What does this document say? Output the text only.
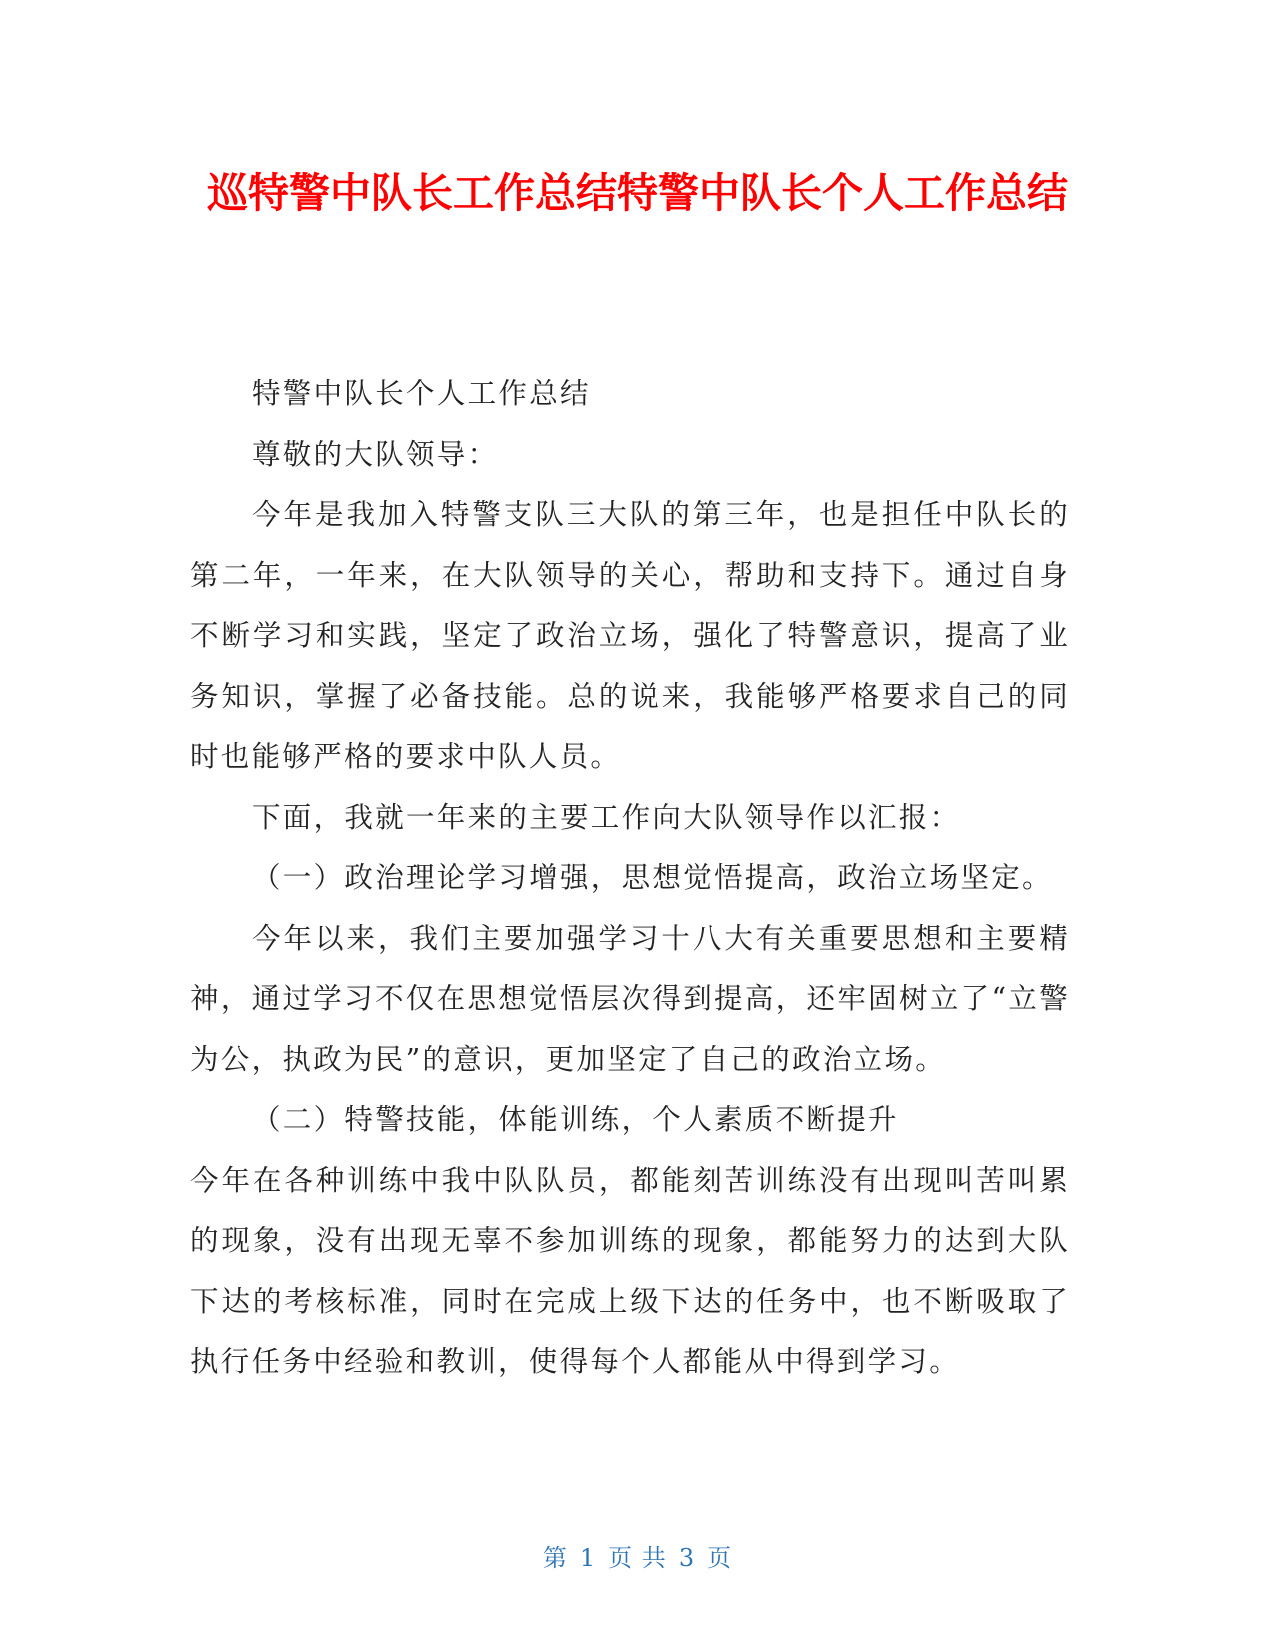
巡特警中队长工作总结特警中队长个人工作总结

特警中队长个人工作总结

尊敬的大队领导：

今年是我加入特警支队三大队的第三年，也是担任中队长的第二年，一年来，在大队领导的关心，帮助和支持下。通过自身不断学习和实践，坚定了政治立场，强化了特警意识，提高了业务知识，掌握了必备技能。总的说来，我能够严格要求自己的同时也能够严格的要求中队人员。

下面，我就一年来的主要工作向大队领导作以汇报：

（一）政治理论学习增强，思想觉悟提高，政治立场坚定。

今年以来，我们主要加强学习十八大有关重要思想和主要精神，通过学习不仅在思想觉悟层次得到提高，还牢固树立了“立警为公，执政为民”的意识，更加坚定了自己的政治立场。

（二）特警技能，体能训练，个人素质不断提升

今年在各种训练中我中队队员，都能刻苦训练没有出现叫苦叫累的现象，没有出现无辜不参加训练的现象，都能努力的达到大队下达的考核标准，同时在完成上级下达的任务中，也不断吸取了执行任务中经验和教训，使得每个人都能从中得到学习。

第 1 页 共 3 页
